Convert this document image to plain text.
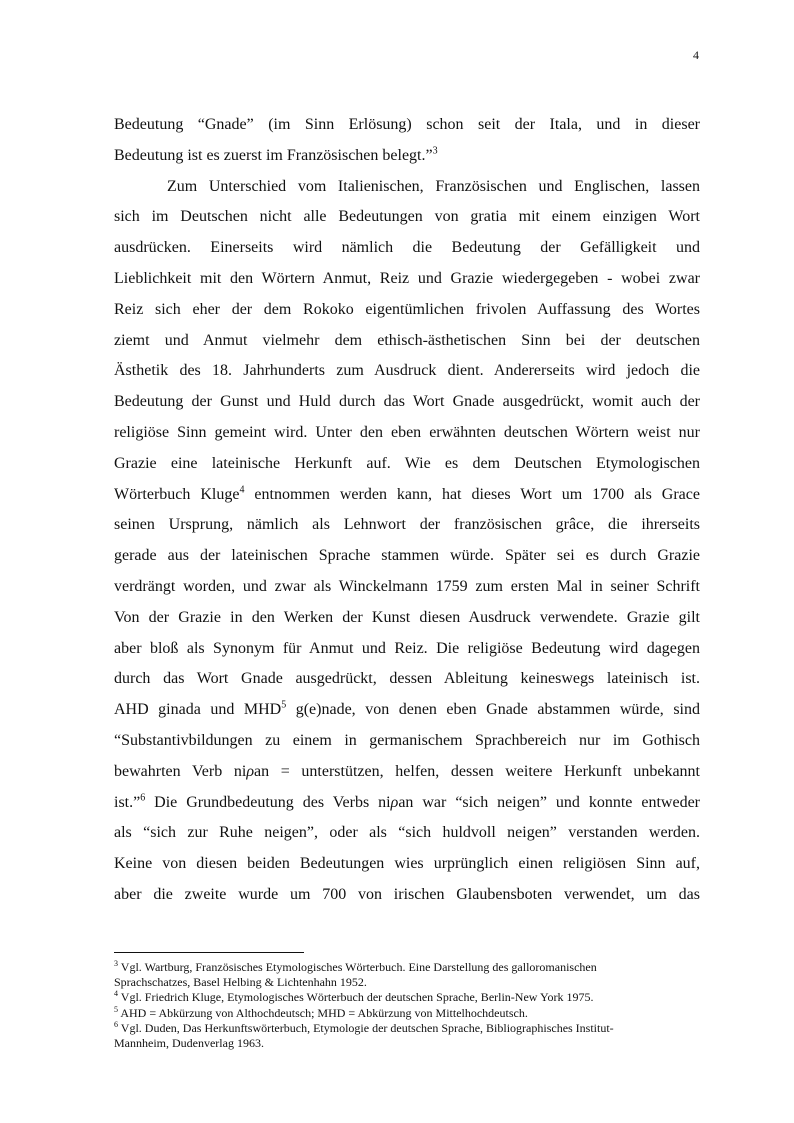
4
Bedeutung “Gnade” (im Sinn Erlösung) schon seit der Itala, und in dieser
Bedeutung ist es zuerst im Französischen belegt.”$^3$
Zum Unterschied vom Italienischen, Französischen und Englischen, lassen
sich im Deutschen nicht alle Bedeutungen von gratia mit einem einzigen Wort
ausdrücken. Einerseits wird nämlich die Bedeutung der Gefälligkeit und
Lieblichkeit mit den Wörtern Anmut, Reiz und Grazie wiedergegeben - wobei zwar
Reiz sich eher der dem Rokoko eigentümlichen frivolen Auffassung des Wortes
ziemt und Anmut vielmehr dem ethisch-ästhetischen Sinn bei der deutschen
Ästhetik des 18. Jahrhunderts zum Ausdruck dient. Andererseits wird jedoch die
Bedeutung der Gunst und Huld durch das Wort Gnade ausgedrückt, womit auch der
religiöse Sinn gemeint wird. Unter den eben erwähnten deutschen Wörtern weist nur
Grazie eine lateinische Herkunft auf. Wie es dem Deutschen Etymologischen
Wörterbuch Kluge$^4$ entnommen werden kann, hat dieses Wort um 1700 als Grace
seinen Ursprung, nämlich als Lehnwort der französischen grâce, die ihrerseits
gerade aus der lateinischen Sprache stammen würde. Später sei es durch Grazie
verdrängt worden, und zwar als Winckelmann 1759 zum ersten Mal in seiner Schrift
Von der Grazie in den Werken der Kunst diesen Ausdruck verwendete. Grazie gilt
aber bloß als Synonym für Anmut und Reiz. Die religiöse Bedeutung wird dagegen
durch das Wort Gnade ausgedrückt, dessen Ableitung keineswegs lateinisch ist.
AHD ginada und MHD$^5$ g(e)nade, von denen eben Gnade abstammen würde, sind
“Substantivbildungen zu einem in germanischem Sprachbereich nur im Gothisch
bewahrten Verb niρan = unterstützen, helfen, dessen weitere Herkunft unbekannt
ist.”$^6$ Die Grundbedeutung des Verbs niρan war “sich neigen” und konnte entweder
als “sich zur Ruhe neigen”, oder als “sich huldvoll neigen” verstanden werden.
Keine von diesen beiden Bedeutungen wies urprünglich einen religiösen Sinn auf,
aber die zweite wurde um 700 von irischen Glaubensboten verwendet, um das
$^3$ Vgl. Wartburg, Französisches Etymologisches Wörterbuch. Eine Darstellung des galloromanischen
Sprachschatzes, Basel Helbing & Lichtenhahn 1952.
$^4$ Vgl. Friedrich Kluge, Etymologisches Wörterbuch der deutschen Sprache, Berlin-New York 1975.
$^5$ AHD = Abkürzung von Althochdeutsch; MHD = Abkürzung von Mittelhochdeutsch.
$^6$ Vgl. Duden, Das Herkunftswörterbuch, Etymologie der deutschen Sprache, Bibliographisches Institut-
Mannheim, Dudenverlag 1963.
